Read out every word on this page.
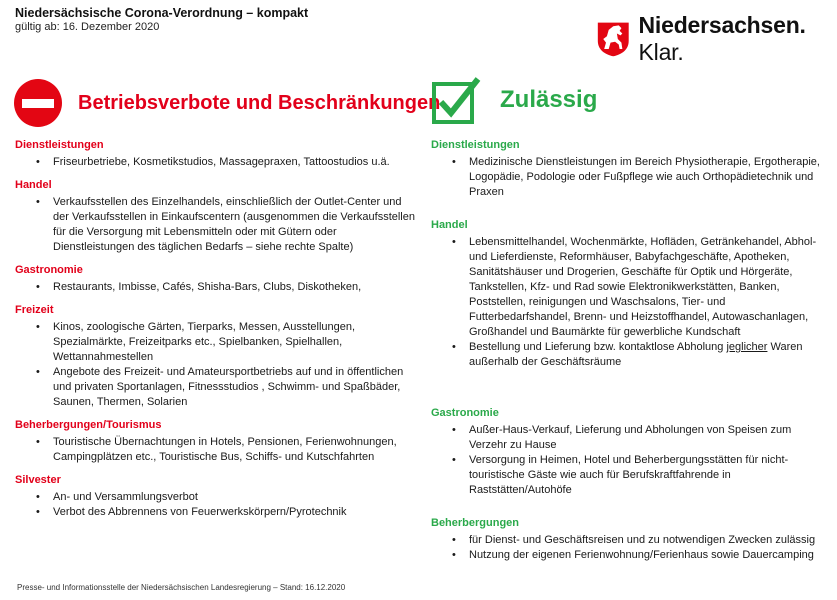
Niedersächsische Corona-Verordnung – kompakt
gültig ab: 16. Dezember 2020	Niedersachsen. Klar.
Betriebsverbote und Beschränkungen Zulässig
Dienstleistungen
• Friseurbetriebe, Kosmetikstudios, Massagepraxen, Tattoostudios u.ä.
Handel
• Verkaufsstellen des Einzelhandels, einschließlich der Outlet-Center und der Verkaufsstellen in Einkaufscentern (ausgenommen die Verkaufsstellen für die Versorgung mit Lebensmitteln oder mit Gütern oder Dienstleistungen des täglichen Bedarfs – siehe rechte Spalte)
Gastronomie
• Restaurants, Imbisse, Cafés, Shisha-Bars, Clubs, Diskotheken,
Freizeit
• Kinos, zoologische Gärten, Tierparks, Messen, Ausstellungen, Spezialmärkte, Freizeitparks etc., Spielbanken, Spielhallen, Wettannahmestellen
• Angebote des Freizeit- und Amateursportbetriebs auf und in öffentlichen und privaten Sportanlagen, Fitnessstudios , Schwimm- und Spaßbäder, Saunen, Thermen, Solarien
Beherbergungen/Tourismus
• Touristische Übernachtungen in Hotels, Pensionen, Ferienwohnungen, Campingplätzen etc., Touristische Bus, Schiffs- und Kutschfahrten
Silvester
• An- und Versammlungsverbot
• Verbot des Abbrennens von Feuerwerkskörpern/Pyrotechnik
Dienstleistungen
• Medizinische Dienstleistungen im Bereich Physiotherapie, Ergotherapie, Logopädie, Podologie oder Fußpflege wie auch Orthopädietechnik und Praxen
Handel
• Lebensmittelhandel, Wochenmärkte, Hofläden, Getränkehandel, Abhol- und Lieferdienste, Reformhäuser, Babyfachgeschäfte, Apotheken, Sanitätshäuser und Drogerien, Geschäfte für Optik und Hörgeräte, Tankstellen, Kfz- und Rad sowie Elektronikwerkstätten, Banken, Poststellen, reinigungen und Waschsalons, Tier- und Futterbedarfshandel, Brenn- und Heizstoffhandel, Autowaschanlagen, Großhandel und Baumärkte für gewerbliche Kundschaft
• Bestellung und Lieferung bzw. kontaktlose Abholung jeglicher Waren außerhalb der Geschäftsräume
Gastronomie
• Außer-Haus-Verkauf, Lieferung und Abholungen von Speisen zum Verzehr zu Hause
• Versorgung in Heimen, Hotel und Beherbergungsstätten für nicht-touristische Gäste wie auch für Berufskraftfahrende in Raststätten/Autohöfe
Beherbergungen
• für Dienst- und Geschäftsreisen und zu notwendigen Zwecken zulässig
• Nutzung der eigenen Ferienwohnung/Ferienhaus sowie Dauercamping
Presse- und Informationsstelle der Niedersächsischen Landesregierung – Stand: 16.12.2020
